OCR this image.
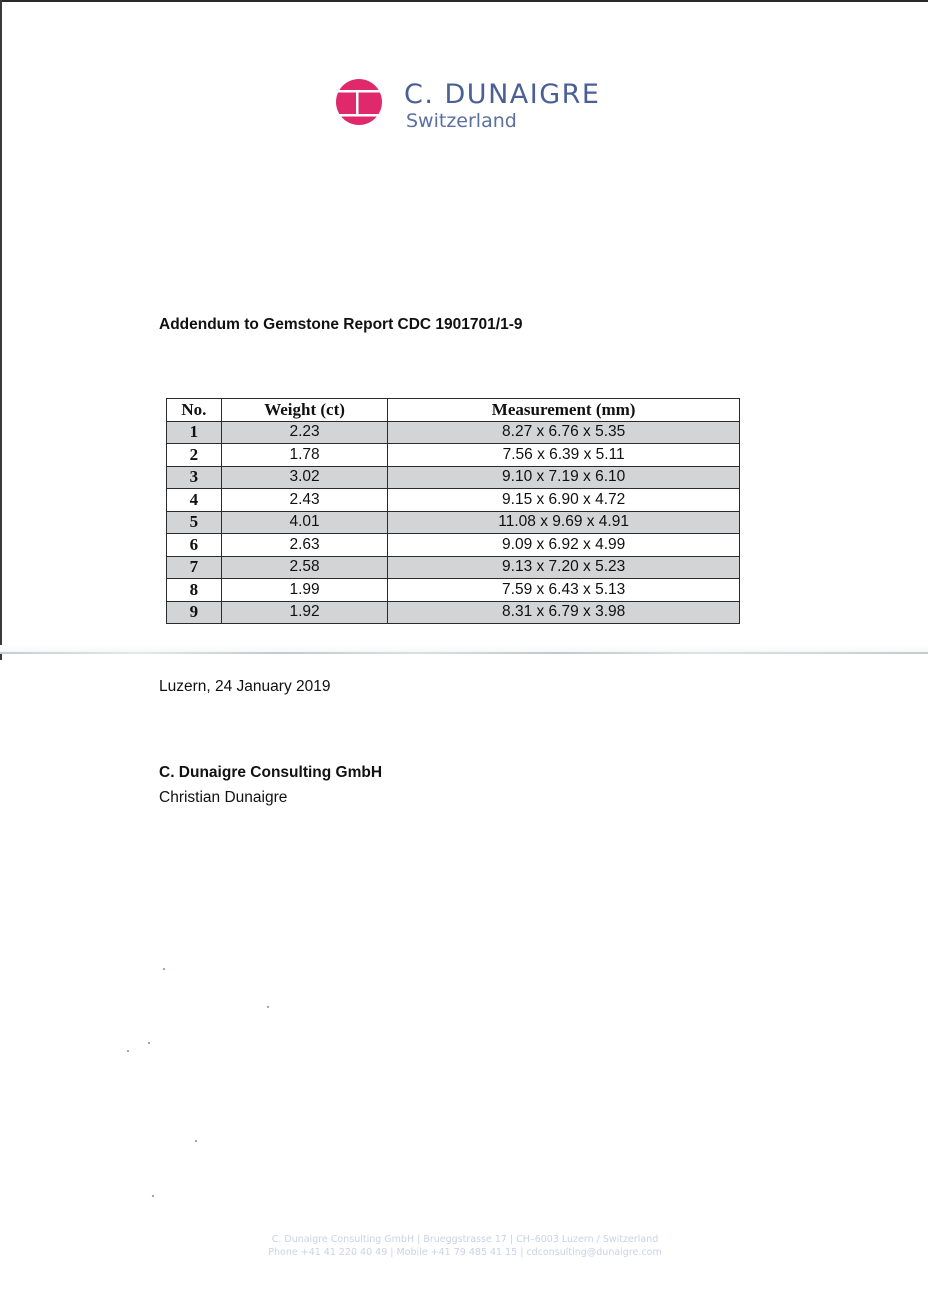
C. DUNAIGRE
Switzerland
Addendum to Gemstone Report CDC 1901701/1-9
No.	Weight (ct)	Measurement (mm)
1	2.23	8.27 x 6.76 x 5.35
2	1.78	7.56 x 6.39 x 5.11
3	3.02	9.10 x 7.19 x 6.10
4	2.43	9.15 x 6.90 x 4.72
5	4.01	11.08 x 9.69 x 4.91
6	2.63	9.09 x 6.92 x 4.99
7	2.58	9.13 x 7.20 x 5.23
8	1.99	7.59 x 6.43 x 5.13
9	1.92	8.31 x 6.79 x 3.98
Luzern, 24 January 2019
C. Dunaigre Consulting GmbH
Christian Dunaigre
C. Dunaigre Consulting GmbH | Brueggstrasse 17 | CH–6003 Luzern / Switzerland
Phone +41 41 220 40 49 | Mobile +41 79 485 41 15 | cdconsulting@dunaigre.com
